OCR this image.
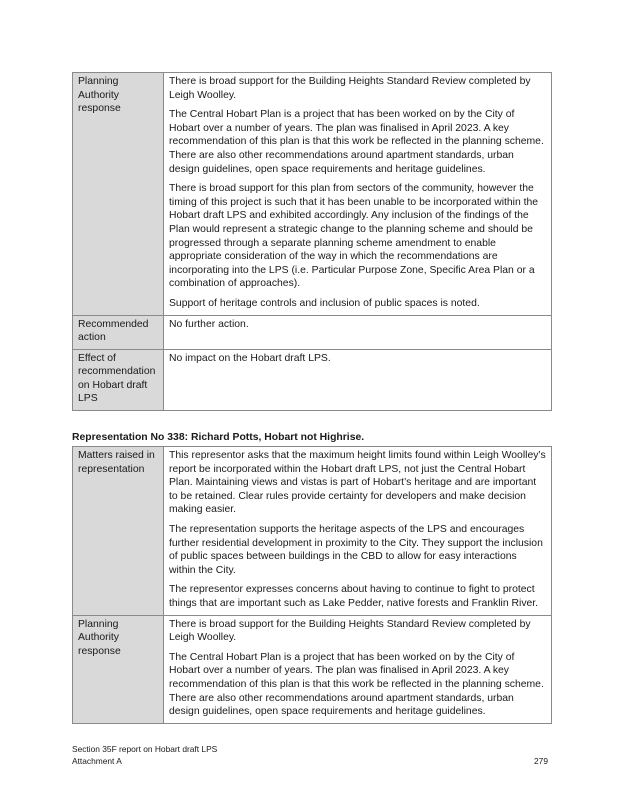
Planning Authority response	There is broad support for the Building Heights Standard Review completed by Leigh Woolley.

The Central Hobart Plan is a project that has been worked on by the City of Hobart over a number of years. The plan was finalised in April 2023. A key recommendation of this plan is that this work be reflected in the planning scheme. There are also other recommendations around apartment standards, urban design guidelines, open space requirements and heritage guidelines.

There is broad support for this plan from sectors of the community, however the timing of this project is such that it has been unable to be incorporated within the Hobart draft LPS and exhibited accordingly. Any inclusion of the findings of the Plan would represent a strategic change to the planning scheme and should be progressed through a separate planning scheme amendment to enable appropriate consideration of the way in which the recommendations are incorporating into the LPS (i.e. Particular Purpose Zone, Specific Area Plan or a combination of approaches).

Support of heritage controls and inclusion of public spaces is noted.

Recommended action	No further action.

Effect of recommendation on Hobart draft LPS	No impact on the Hobart draft LPS.

Representation No 338: Richard Potts, Hobart not Highrise.
Matters raised in representation	This representor asks that the maximum height limits found within Leigh Woolley’s report be incorporated within the Hobart draft LPS, not just the Central Hobart Plan. Maintaining views and vistas is part of Hobart’s heritage and are important to be retained. Clear rules provide certainty for developers and make decision making easier.

The representation supports the heritage aspects of the LPS and encourages further residential development in proximity to the City. They support the inclusion of public spaces between buildings in the CBD to allow for easy interactions within the City.

The representor expresses concerns about having to continue to fight to protect things that are important such as Lake Pedder, native forests and Franklin River.

Planning Authority response	There is broad support for the Building Heights Standard Review completed by Leigh Woolley.

The Central Hobart Plan is a project that has been worked on by the City of Hobart over a number of years. The plan was finalised in April 2023. A key recommendation of this plan is that this work be reflected in the planning scheme. There are also other recommendations around apartment standards, urban design guidelines, open space requirements and heritage guidelines.

Section 35F report on Hobart draft LPS
Attachment A	279
